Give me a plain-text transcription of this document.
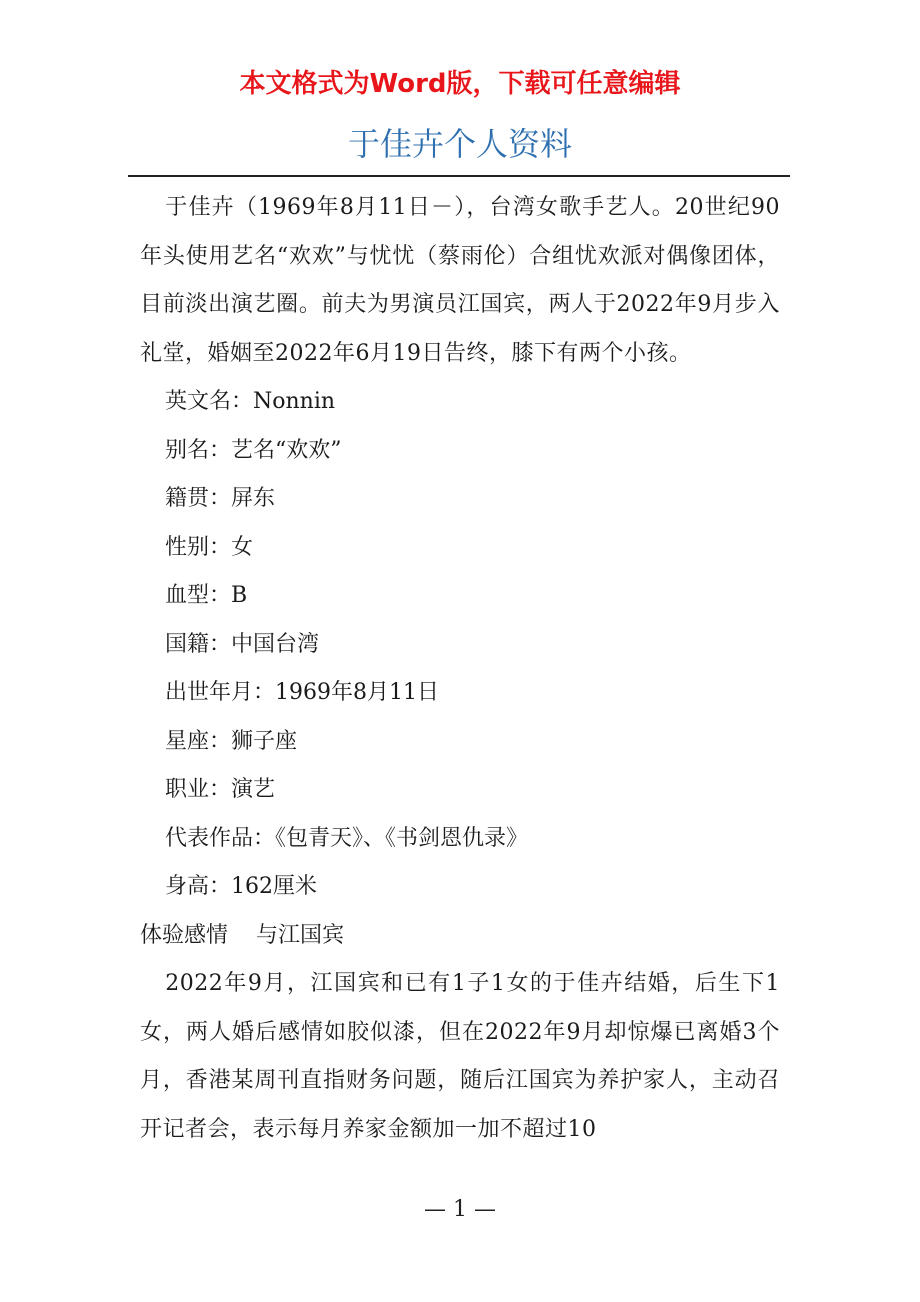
本文格式为Word版，下载可任意编辑
于佳卉个人资料

于佳卉（1969年8月11日－），台湾女歌手艺人。20世纪90年头使用艺名“欢欢”与忧忧（蔡雨伦）合组忧欢派对偶像团体，目前淡出演艺圈。前夫为男演员江国宾，两人于2022年9月步入礼堂，婚姻至2022年6月19日告终，膝下有两个小孩。

英文名：Nonnin

别名：艺名“欢欢”

籍贯：屏东

性别：女

血型：B

国籍：中国台湾

出世年月：1969年8月11日

星座：狮子座

职业：演艺

代表作品：《包青天》、《书剑恩仇录》

身高：162厘米

体验感情    与江国宾

2022年9月，江国宾和已有1子1女的于佳卉结婚，后生下1女，两人婚后感情如胶似漆，但在2022年9月却惊爆已离婚3个月，香港某周刊直指财务问题，随后江国宾为养护家人，主动召开记者会，表示每月养家金额加一加不超过10

— 1 —
